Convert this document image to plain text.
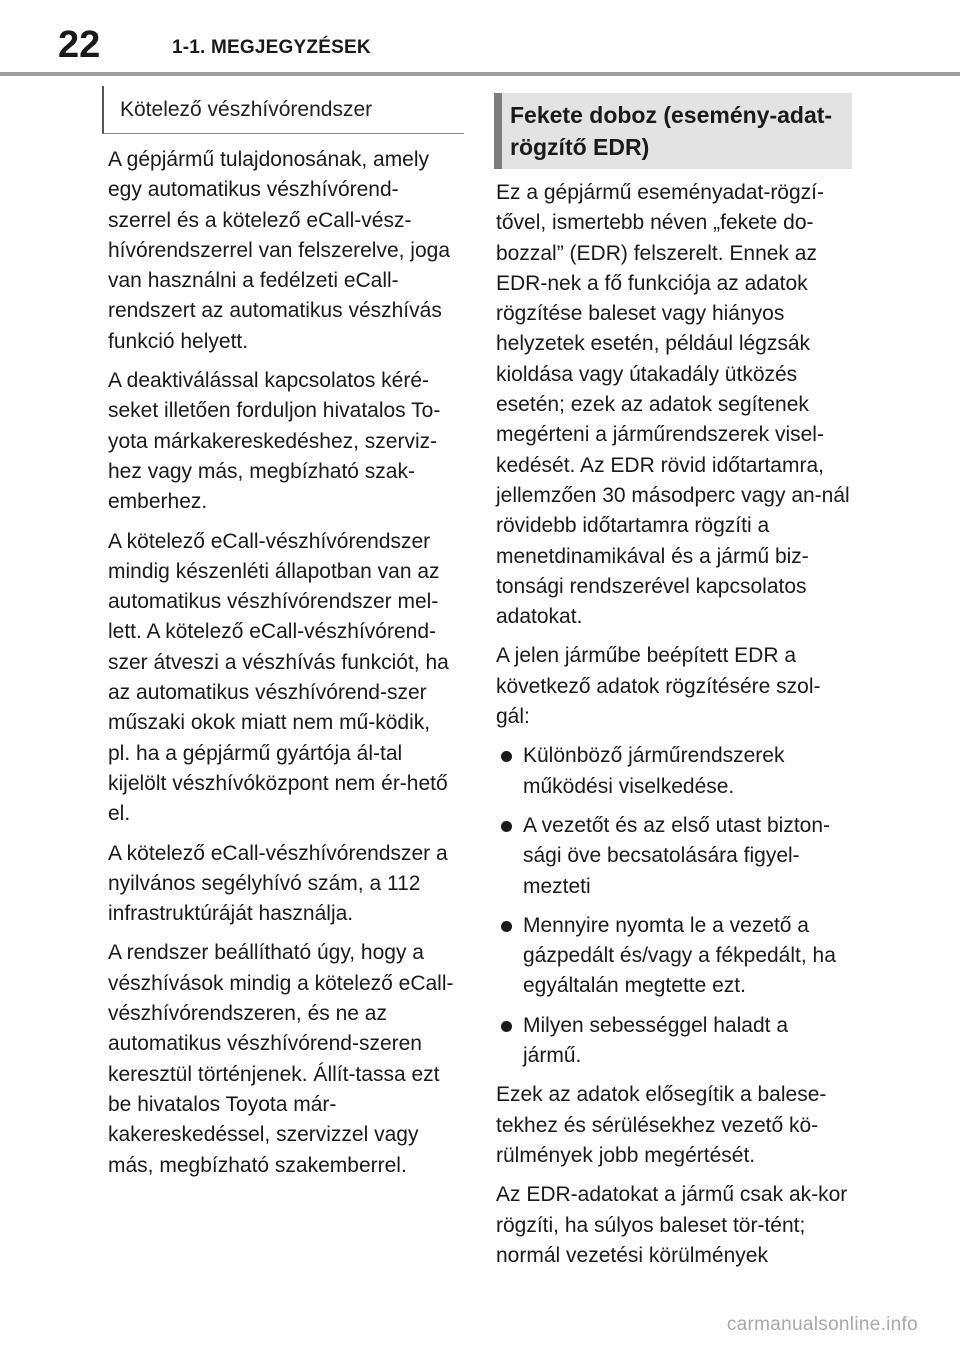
22	1-1. MEGJEGYZÉSEK
Kötelező vészhívórendszer

A gépjármű tulajdonosának, amely egy automatikus vészhívórend-szerrel és a kötelező eCall-vész-hívórendszerrel van felszerelve, joga van használni a fedélzeti eCall-rendszert az automatikus vészhívás funkció helyett.

A deaktiválással kapcsolatos kéré-seket illetően forduljon hivatalos To-yota márkakereskedéshez, szerviz-hez vagy más, megbízható szak-emberhez.

A kötelező eCall-vészhívórendszer mindig készenléti állapotban van az automatikus vészhívórendszer mel-lett. A kötelező eCall-vészhívórend-szer átveszi a vészhívás funkciót, ha az automatikus vészhívórend-szer műszaki okok miatt nem mű-ködik, pl. ha a gépjármű gyártója ál-tal kijelölt vészhívóközpont nem ér-hető el.

A kötelező eCall-vészhívórendszer a nyilvános segélyhívó szám, a 112 infrastruktúráját használja.

A rendszer beállítható úgy, hogy a vészhívások mindig a kötelező eCall-vészhívórendszeren, és ne az automatikus vészhívórend-szeren keresztül történjenek. Állít-tassa ezt be hivatalos Toyota már-kakereskedéssel, szervizzel vagy más, megbízható szakemberrel.

Fekete doboz (esemény-adat-rögzítő EDR)

Ez a gépjármű eseményadat-rögzí-tővel, ismertebb néven „fekete do-bozzal” (EDR) felszerelt. Ennek az EDR-nek a fő funkciója az adatok rögzítése baleset vagy hiányos helyzetek esetén, például légzsák kioldása vagy útakadály ütközés esetén; ezek az adatok segítenek megérteni a járműrendszerek visel-kedését. Az EDR rövid időtartamra, jellemzően 30 másodperc vagy an-nál rövidebb időtartamra rögzíti a menetdinamikával és a jármű biz-tonsági rendszerével kapcsolatos adatokat.

A jelen járműbe beépített EDR a következő adatok rögzítésére szol-gál:

Különböző járműrendszerek működési viselkedése.
A vezetőt és az első utast bizton-sági öve becsatolására figyel-mezteti
Mennyire nyomta le a vezető a gázpedált és/vagy a fékpedált, ha egyáltalán megtette ezt.
Milyen sebességgel haladt a jármű.

Ezek az adatok elősegítik a balese-tekhez és sérülésekhez vezető kö-rülmények jobb megértését.

Az EDR-adatokat a jármű csak ak-kor rögzíti, ha súlyos baleset tör-tént; normál vezetési körülmények

carmanualsonline.info
